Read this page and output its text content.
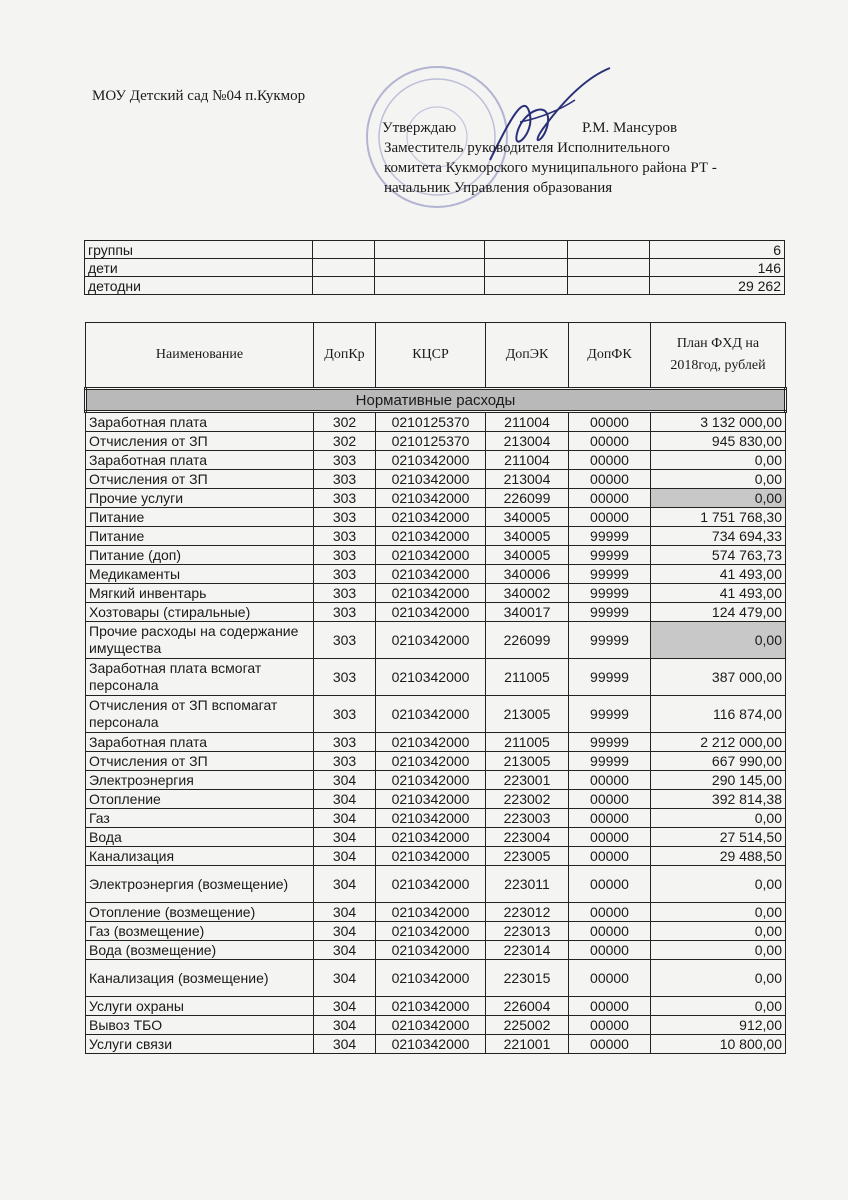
МОУ Детский сад №04 п.Кукмор
Утверждаю	Р.М. Мансуров
Заместитель руководителя Исполнительного
комитета Кукморского муниципального района РТ -
начальник Управления образования
группы					6
дети					146
детодни					29 262
Наименование	ДопКр	КЦСР	ДопЭК	ДопФК	План ФХД на 2018год, рублей
Нормативные расходы					
Заработная плата	302	0210125370	211004	00000	3 132 000,00
Отчисления от ЗП	302	0210125370	213004	00000	945 830,00
Заработная плата	303	0210342000	211004	00000	0,00
Отчисления от ЗП	303	0210342000	213004	00000	0,00
Прочие услуги	303	0210342000	226099	00000	0,00
Питание	303	0210342000	340005	00000	1 751 768,30
Питание	303	0210342000	340005	99999	734 694,33
Питание (доп)	303	0210342000	340005	99999	574 763,73
Медикаменты	303	0210342000	340006	99999	41 493,00
Мягкий инвентарь	303	0210342000	340002	99999	41 493,00
Хозтовары (стиральные)	303	0210342000	340017	99999	124 479,00
Прочие расходы на содержание имущества	303	0210342000	226099	99999	0,00
Заработная плата всмогат персонала	303	0210342000	211005	99999	387 000,00
Отчисления от ЗП вспомагат персонала	303	0210342000	213005	99999	116 874,00
Заработная плата	303	0210342000	211005	99999	2 212 000,00
Отчисления от ЗП	303	0210342000	213005	99999	667 990,00
Электроэнергия	304	0210342000	223001	00000	290 145,00
Отопление	304	0210342000	223002	00000	392 814,38
Газ	304	0210342000	223003	00000	0,00
Вода	304	0210342000	223004	00000	27 514,50
Канализация	304	0210342000	223005	00000	29 488,50
Электроэнергия (возмещение)	304	0210342000	223011	00000	0,00
Отопление (возмещение)	304	0210342000	223012	00000	0,00
Газ (возмещение)	304	0210342000	223013	00000	0,00
Вода (возмещение)	304	0210342000	223014	00000	0,00
Канализация (возмещение)	304	0210342000	223015	00000	0,00
Услуги охраны	304	0210342000	226004	00000	0,00
Вывоз ТБО	304	0210342000	225002	00000	912,00
Услуги связи	304	0210342000	221001	00000	10 800,00
